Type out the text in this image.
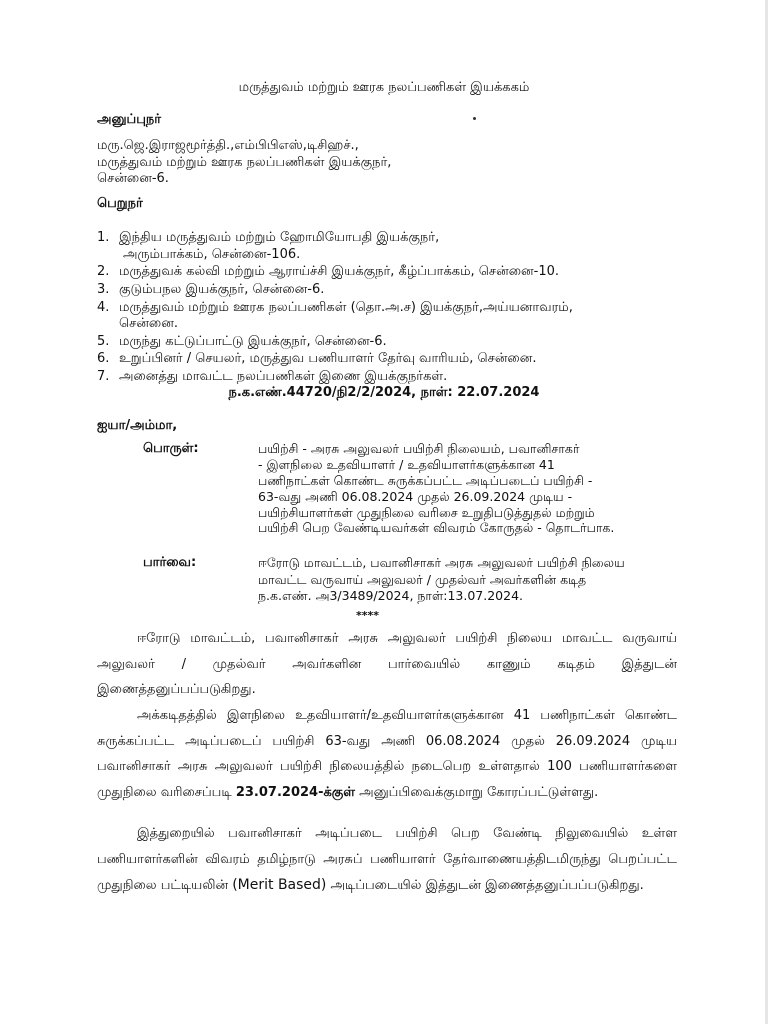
மருத்துவம் மற்றும் ஊரக நலப்பணிகள் இயக்ககம்
அனுப்புநர்
மரு.ஜெ.இராஜமூர்த்தி.,எம்பிபிஎஸ்,டிசிஹச்.,
மருத்துவம் மற்றும் ஊரக நலப்பணிகள் இயக்குநர்,
சென்னை-6.
பெறுநர்
1. இந்திய மருத்துவம் மற்றும் ஹோமியோபதி இயக்குநர்,
அரும்பாக்கம், சென்னை-106.
2. மருத்துவக் கல்வி மற்றும் ஆராய்ச்சி இயக்குநர், கீழ்ப்பாக்கம், சென்னை-10.
3. குடும்பநல இயக்குநர், சென்னை-6.
4. மருத்துவம் மற்றும் ஊரக நலப்பணிகள் (தொ.அ.ச) இயக்குநர்,அய்யனாவரம்,
சென்னை.
5. மருந்து கட்டுப்பாட்டு இயக்குநர், சென்னை-6.
6. உறுப்பினர் / செயலர், மருத்துவ பணியாளர் தேர்வு வாரியம், சென்னை.
7. அனைத்து மாவட்ட நலப்பணிகள் இணை இயக்குநர்கள்.
ந.க.எண்.44720/நி2/2/2024, நாள்: 22.07.2024
ஐயா/அம்மா,
பொருள்:	பயிற்சி - அரசு அலுவலர் பயிற்சி நிலையம், பவானிசாகர்
- இளநிலை உதவியாளர் / உதவியாளர்களுக்கான 41
பணிநாட்கள் கொண்ட சுருக்கப்பட்ட அடிப்படைப் பயிற்சி -
63-வது அணி 06.08.2024 முதல் 26.09.2024 முடிய -
பயிற்சியாளர்கள் முதுநிலை வரிசை உறுதிபடுத்துதல் மற்றும்
பயிற்சி பெற வேண்டியவர்கள் விவரம் கோருதல் - தொடர்பாக.
பார்வை:	ஈரோடு மாவட்டம், பவானிசாகர் அரசு அலுவலர் பயிற்சி நிலைய
மாவட்ட வருவாய் அலுவலர் / முதல்வர் அவர்களின் கடித
ந.க.எண். அ3/3489/2024, நாள்:13.07.2024.
****
ஈரோடு மாவட்டம், பவானிசாகர் அரசு அலுவலர் பயிற்சி நிலைய மாவட்ட வருவாய் அலுவலர் / முதல்வர் அவர்களின பார்வையில் காணும் கடிதம் இத்துடன் இணைத்தனுப்பப்படுகிறது.
அக்கடிதத்தில் இளநிலை உதவியாளர்/உதவியாளர்களுக்கான 41 பணிநாட்கள் கொண்ட சுருக்கப்பட்ட அடிப்படைப் பயிற்சி 63-வது அணி 06.08.2024 முதல் 26.09.2024 முடிய பவானிசாகர் அரசு அலுவலர் பயிற்சி நிலையத்தில் நடைபெற உள்ளதால் 100 பணியாளர்களை முதுநிலை வரிசைப்படி 23.07.2024-க்குள் அனுப்பிவைக்குமாறு கோரப்பட்டுள்ளது.
இத்துறையில் பவானிசாகர் அடிப்படை பயிற்சி பெற வேண்டி நிலுவையில் உள்ள பணியாளர்களின் விவரம் தமிழ்நாடு அரசுப் பணியாளர் தேர்வாணையத்திடமிருந்து பெறப்பட்ட முதுநிலை பட்டியலின் (Merit Based) அடிப்படையில் இத்துடன் இணைத்தனுப்பப்படுகிறது.
